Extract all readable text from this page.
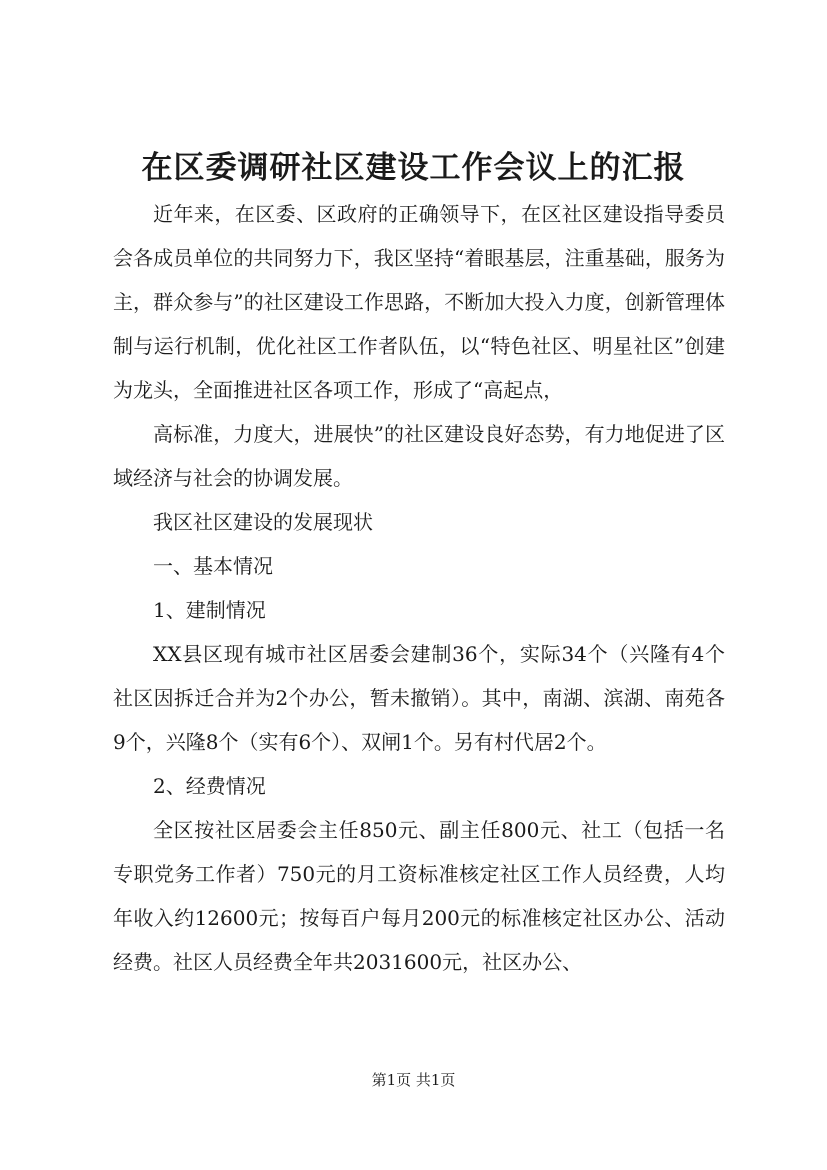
在区委调研社区建设工作会议上的汇报

近年来，在区委、区政府的正确领导下，在区社区建设指导委员会各成员单位的共同努力下，我区坚持“着眼基层，注重基础，服务为主，群众参与”的社区建设工作思路，不断加大投入力度，创新管理体制与运行机制，优化社区工作者队伍，以“特色社区、明星社区”创建为龙头，全面推进社区各项工作，形成了“高起点，

高标准，力度大，进展快”的社区建设良好态势，有力地促进了区域经济与社会的协调发展。

我区社区建设的发展现状

一、基本情况

1、建制情况

XX县区现有城市社区居委会建制36个，实际34个（兴隆有4个社区因拆迁合并为2个办公，暂未撤销）。其中，南湖、滨湖、南苑各9个，兴隆8个（实有6个）、双闸1个。另有村代居2个。

2、经费情况

全区按社区居委会主任850元、副主任800元、社工（包括一名专职党务工作者）750元的月工资标准核定社区工作人员经费，人均年收入约12600元；按每百户每月200元的标准核定社区办公、活动经费。社区人员经费全年共2031600元，社区办公、

第1页 共1页
